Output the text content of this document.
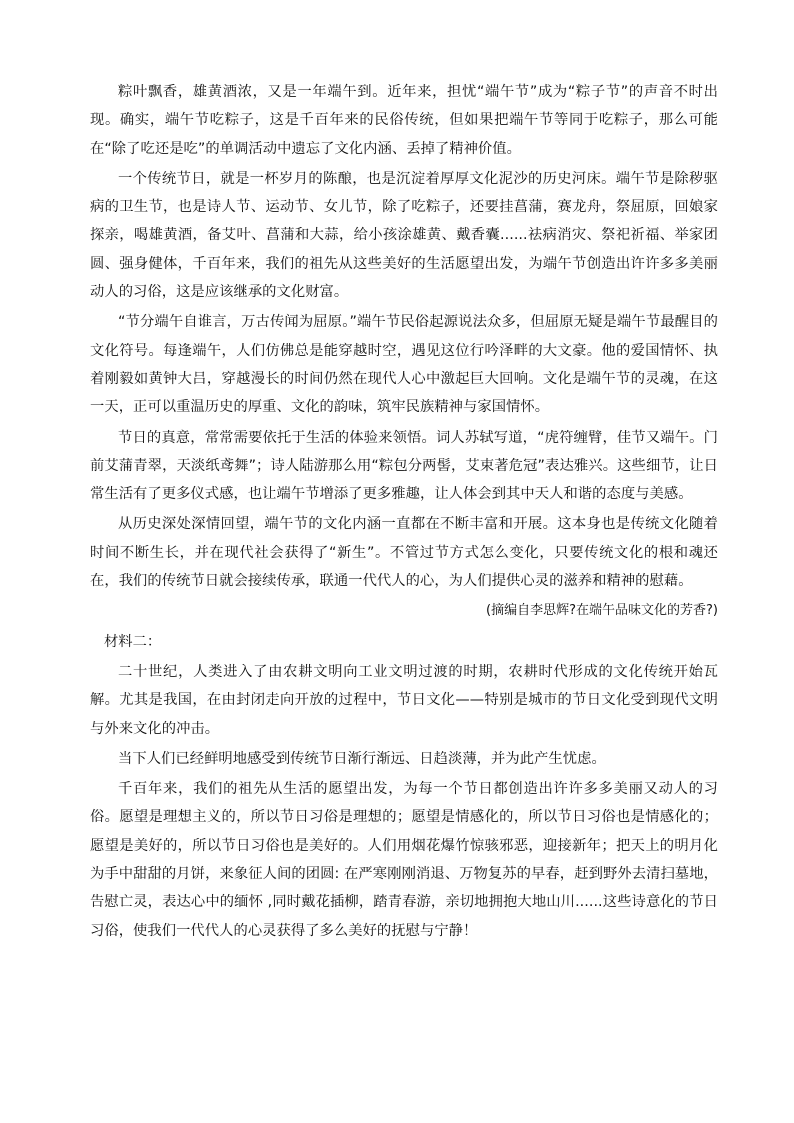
粽叶飘香，雄黄酒浓，又是一年端午到。近年来，担忧“端午节”成为“粽子节”的声音不时出现。确实，端午节吃粽子，这是千百年来的民俗传统，但如果把端午节等同于吃粽子，那么可能在“除了吃还是吃”的单调活动中遗忘了文化内涵、丢掉了精神价值。

一个传统节日，就是一杯岁月的陈酿，也是沉淀着厚厚文化泥沙的历史河床。端午节是除秽驱病的卫生节，也是诗人节、运动节、女儿节，除了吃粽子，还要挂菖蒲，赛龙舟，祭屈原，回娘家探亲，喝雄黄酒，备艾叶、菖蒲和大蒜，给小孩涂雄黄、戴香囊......祛病消灾、祭祀祈福、举家团圆、强身健体，千百年来，我们的祖先从这些美好的生活愿望出发，为端午节创造出许许多多美丽动人的习俗，这是应该继承的文化财富。

“节分端午自谁言，万古传闻为屈原。”端午节民俗起源说法众多，但屈原无疑是端午节最醒目的文化符号。每逢端午，人们仿佛总是能穿越时空，遇见这位行吟泽畔的大文豪。他的爱国情怀、执着刚毅如黄钟大吕，穿越漫长的时间仍然在现代人心中激起巨大回响。文化是端午节的灵魂，在这一天，正可以重温历史的厚重、文化的韵味，筑牢民族精神与家国情怀。

节日的真意，常常需要依托于生活的体验来领悟。词人苏轼写道，“虎符缠臂，佳节又端午。门前艾蒲青翠，天淡纸鸢舞”；诗人陆游那么用“粽包分两髻，艾束著危冠”表达雅兴。这些细节，让日常生活有了更多仪式感，也让端午节增添了更多雅趣，让人体会到其中天人和谐的态度与美感。

从历史深处深情回望，端午节的文化内涵一直都在不断丰富和开展。这本身也是传统文化随着时间不断生长，并在现代社会获得了“新生”。不管过节方式怎么变化，只要传统文化的根和魂还在，我们的传统节日就会接续传承，联通一代代人的心，为人们提供心灵的滋养和精神的慰藉。

(摘编自李思辉?在端午品味文化的芳香?)

材料二：

二十世纪，人类进入了由农耕文明向工业文明过渡的时期，农耕时代形成的文化传统开始瓦解。尤其是我国，在由封闭走向开放的过程中，节日文化——特别是城市的节日文化受到现代文明与外来文化的冲击。

当下人们已经鲜明地感受到传统节日渐行渐远、日趋淡薄，并为此产生忧虑。

千百年来，我们的祖先从生活的愿望出发，为每一个节日都创造出许许多多美丽又动人的习俗。愿望是理想主义的，所以节日习俗是理想的；愿望是情感化的，所以节日习俗也是情感化的；愿望是美好的，所以节日习俗也是美好的。人们用烟花爆竹惊骇邪恶，迎接新年；把天上的明月化为手中甜甜的月饼，来象征人间的团圆: 在严寒刚刚消退、万物复苏的早春，赶到野外去清扫墓地，告慰亡灵，表达心中的缅怀 ,同时戴花插柳，踏青春游，亲切地拥抱大地山川......这些诗意化的节日习俗，使我们一代代人的心灵获得了多么美好的抚慰与宁静！
